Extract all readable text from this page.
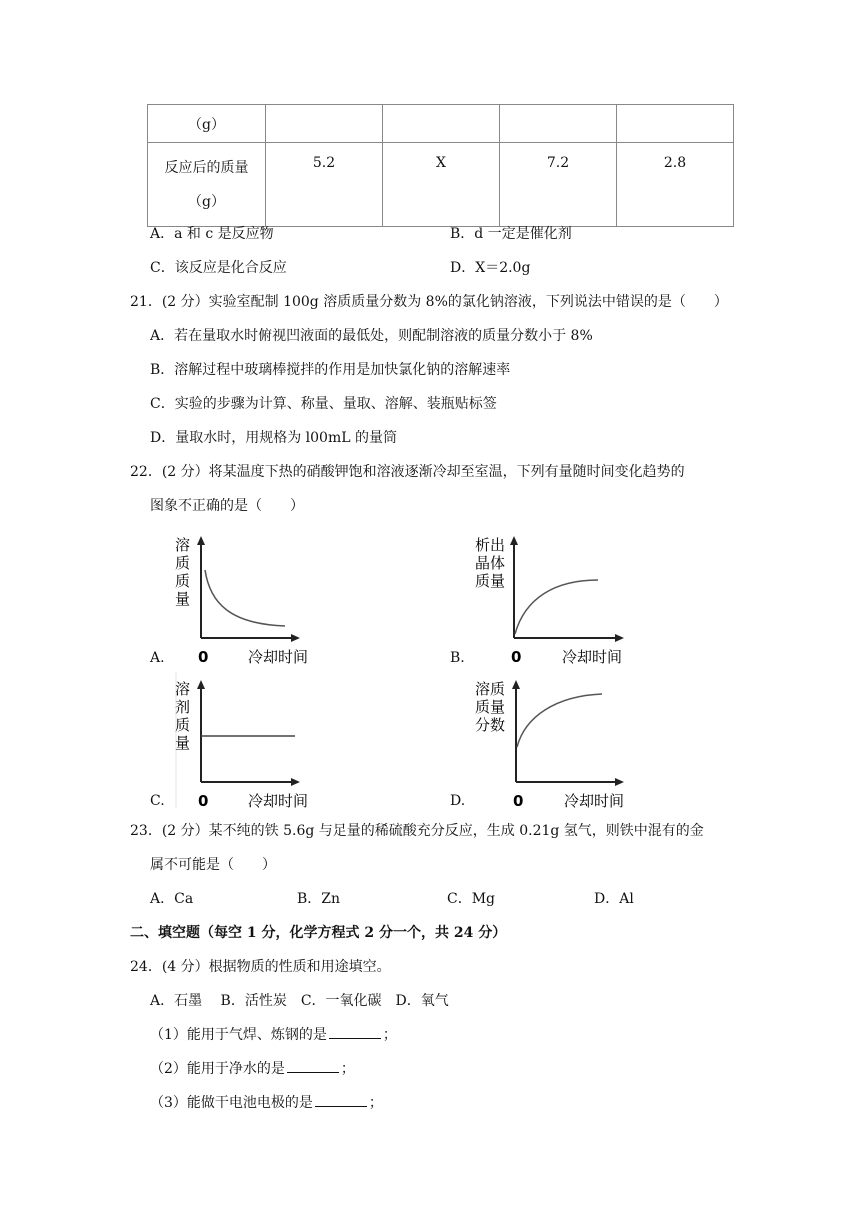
（g）				

反应后的质量
（g）	5.2	X	7.2	2.8
A．a 和 c 是反应物	B．d 一定是催化剂
C．该反应是化合反应	D．X＝2.0g
21．(2 分）实验室配制 100g 溶质质量分数为 8%的氯化钠溶液，下列说法中错误的是（　　）
A．若在量取水时俯视凹液面的最低处，则配制溶液的质量分数小于 8%
B．溶解过程中玻璃棒搅拌的作用是加快氯化钠的溶解速率
C．实验的步骤为计算、称量、量取、溶解、装瓶贴标签
D．量取水时，用规格为 l00mL 的量筒
22．(2 分）将某温度下热的硝酸钾饱和溶液逐渐冷却至室温，下列有量随时间变化趋势的
图象不正确的是（　　）
A.
溶
质
质
量
0	冷却时间	B.
析出
晶体
质量
0	冷却时间
C.
溶
剂
质
量
0	冷却时间	D.
溶质
质量
分数
0	冷却时间
23．(2 分）某不纯的铁 5.6g 与足量的稀硫酸充分反应，生成 0.21g 氢气，则铁中混有的金
属不可能是（　　）
A．Ca	B．Zn	C．Mg	D．Al
二、填空题（每空 1 分，化学方程式 2 分一个，共 24 分）
24．(4 分）根据物质的性质和用途填空。
A．石墨　 B．活性炭　C．一氧化碳　D．氧气
（1）能用于气焊、炼钢的是	；
（2）能用于净水的是	；
（3）能做干电池电极的是	；
